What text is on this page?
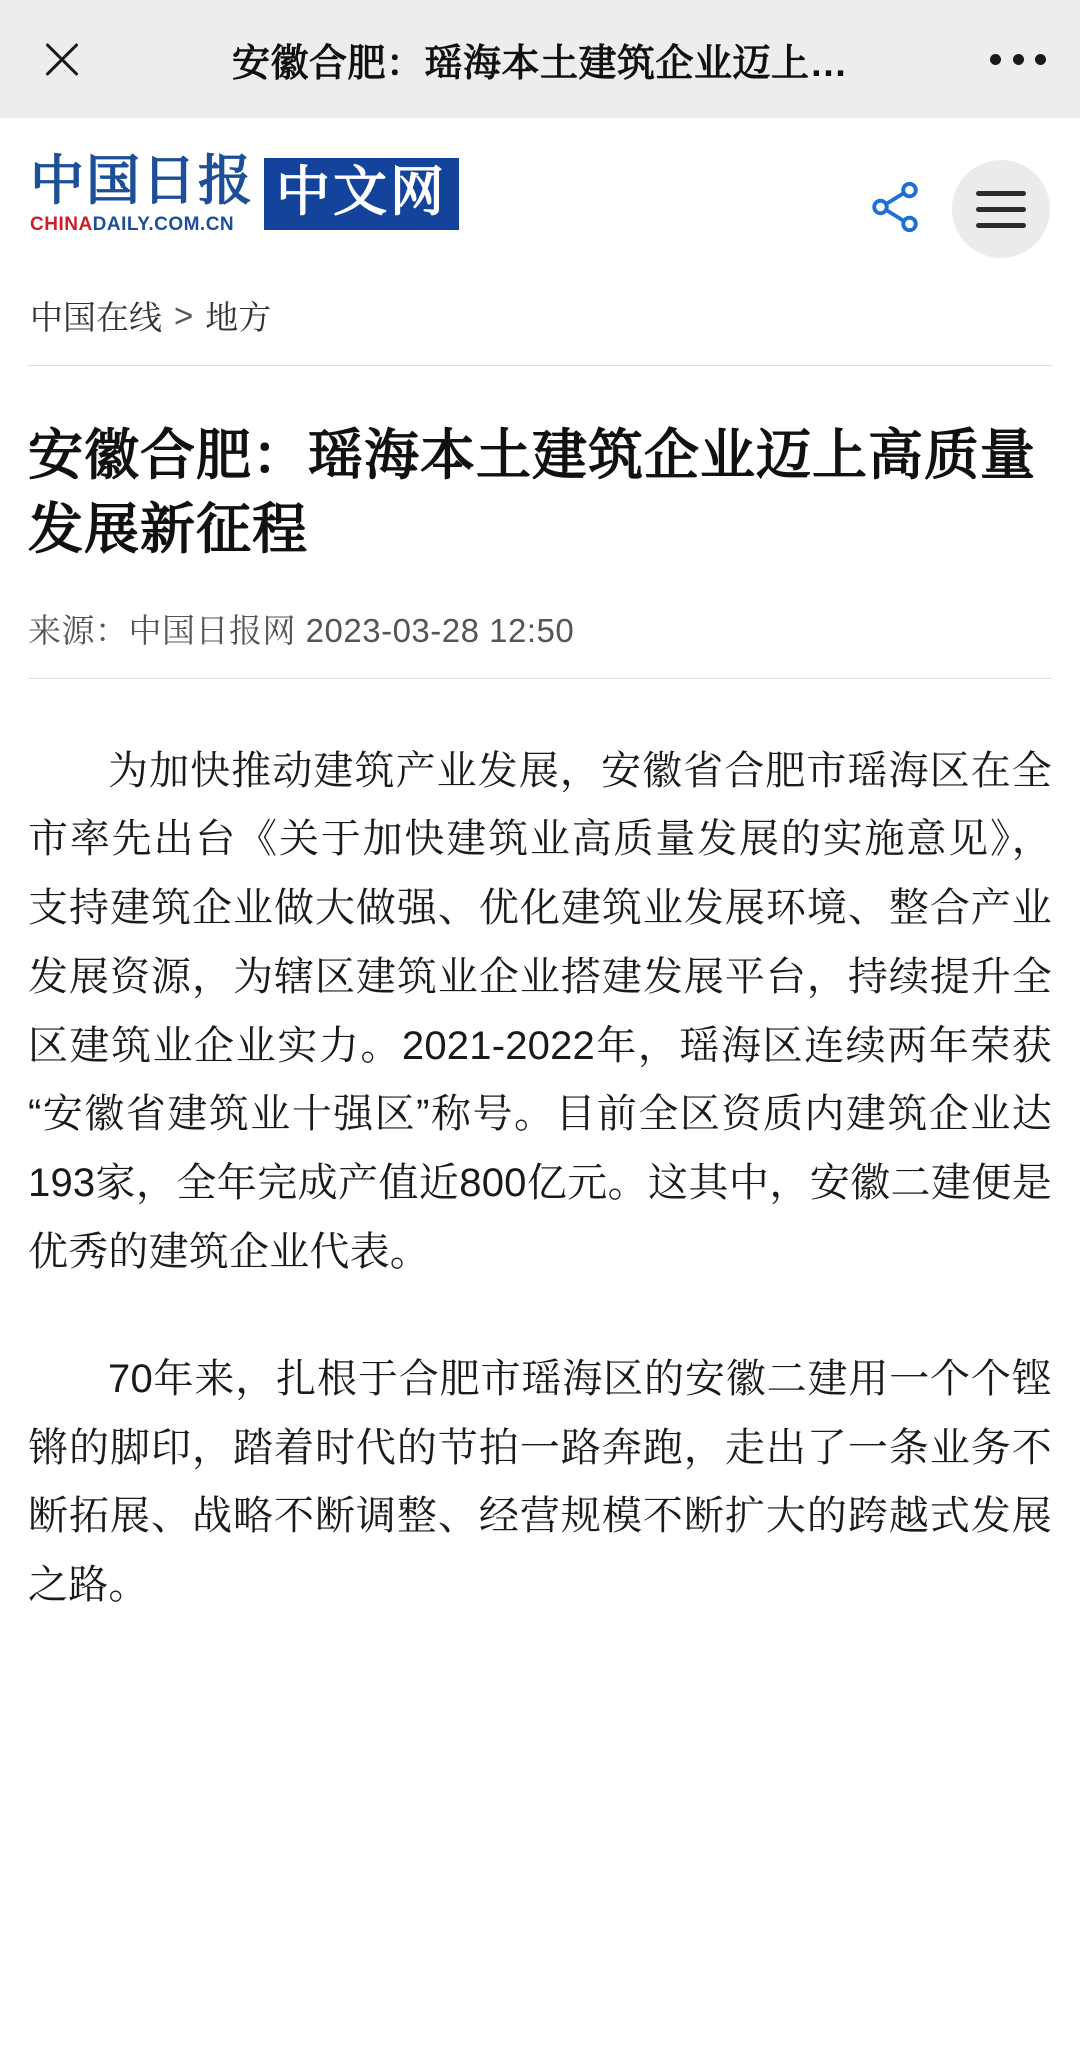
安徽合肥：瑶海本土建筑企业迈上…
中国日报
CHINADAILY.COM.CN
中文网
中国在线 > 地方
安徽合肥：瑶海本土建筑企业迈上高质量发展新征程
来源：中国日报网 2023-03-28 12:50

为加快推动建筑产业发展，安徽省合肥市瑶海区在全市率先出台《关于加快建筑业高质量发展的实施意见》，支持建筑企业做大做强、优化建筑业发展环境、整合产业发展资源，为辖区建筑业企业搭建发展平台，持续提升全区建筑业企业实力。2021-2022年，瑶海区连续两年荣获“安徽省建筑业十强区”称号。目前全区资质内建筑企业达193家，全年完成产值近800亿元。这其中，安徽二建便是优秀的建筑企业代表。

70年来，扎根于合肥市瑶海区的安徽二建用一个个铿锵的脚印，踏着时代的节拍一路奔跑，走出了一条业务不断拓展、战略不断调整、经营规模不断扩大的跨越式发展之路。
